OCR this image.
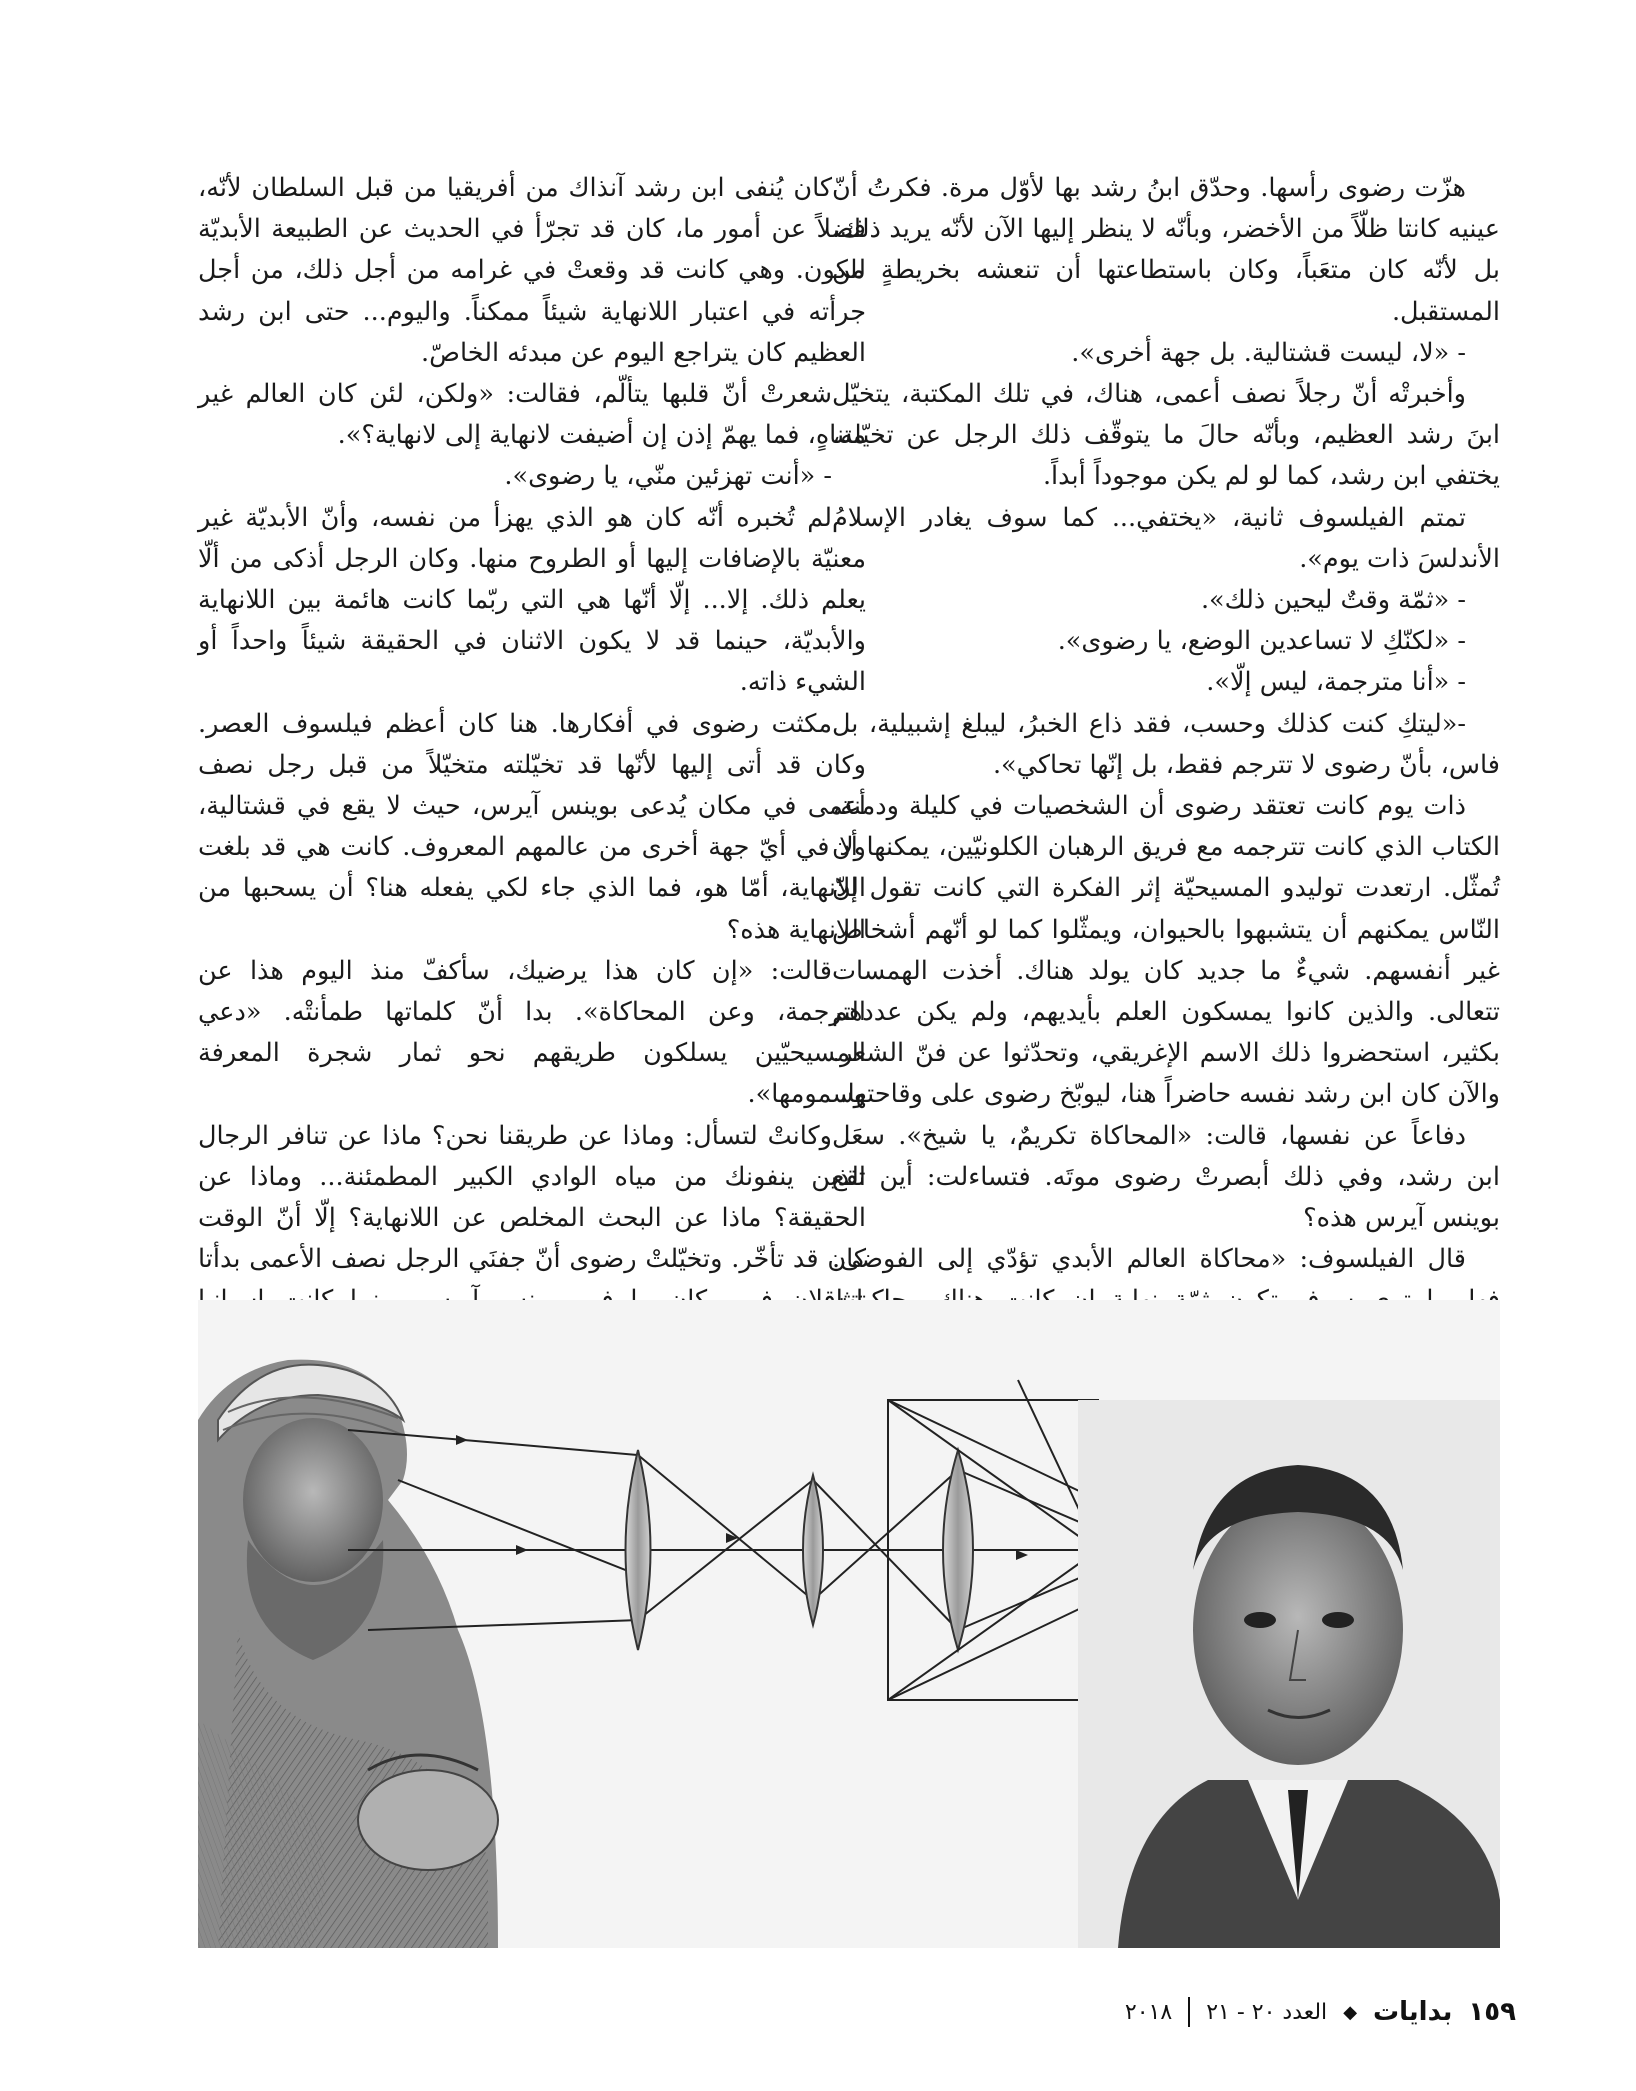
هزّت رضوى رأسها. وحدّق ابنُ رشد بها لأوّل مرة. فكرتُ أنّ عينيه كانتا ظلّاً من الأخضر، وبأنّه لا ينظر إليها الآن لأنّه يريد ذلك، بل لأنّه كان متعَباً، وكان باستطاعتها أن تنعشه بخريطةٍ من المستقبل.

- «لا، ليست قشتالية. بل جهة أخرى».

وأخبرتْه أنّ رجلاً نصف أعمى، هناك، في تلك المكتبة، يتخيّل ابنَ رشد العظيم، وبأنّه حالَ ما يتوقّف ذلك الرجل عن تخيّله، يختفي ابن رشد، كما لو لم يكن موجوداً أبداً.

تمتم الفيلسوف ثانية، «يختفي... كما سوف يغادر الإسلامُ الأندلسَ ذات يوم».

- «ثمّة وقتٌ ليحين ذلك».

- «لكنّكِ لا تساعدين الوضع، يا رضوى».

- «أنا مترجمة، ليس إلّا».

-«ليتكِ كنت كذلك وحسب، فقد ذاع الخبرُ، ليبلغ إشبيلية، بل فاس، بأنّ رضوى لا تترجم فقط، بل إنّها تحاكي».

ذات يوم كانت تعتقد رضوى أن الشخصيات في كليلة ودمنة، الكتاب الذي كانت تترجمه مع فريق الرهبان الكلونيّين، يمكنها أن تُمثّل. ارتعدت توليدو المسيحيّة إثر الفكرة التي كانت تقول إنّ النّاس يمكنهم أن يتشبهوا بالحيوان، ويمثّلوا كما لو أنّهم أشخاص غير أنفسهم. شيءٌ ما جديد كان يولد هناك. أخذت الهمسات تتعالى. والذين كانوا يمسكون العلم بأيديهم، ولم يكن عددهم بكثير، استحضروا ذلك الاسم الإغريقي، وتحدّثوا عن فنّ الشعر. والآن كان ابن رشد نفسه حاضراً هنا، ليوبّخ رضوى على وقاحتها.

دفاعاً عن نفسها، قالت: «المحاكاة تكريمٌ، يا شيخ». سعَل ابن رشد، وفي ذلك أبصرتْ رضوى موتَه. فتساءلت: أين تقع بوينس آيرس هذه؟

قال الفيلسوف: «محاكاة العالم الأبدي تؤدّي إلى الفوضى.

كان يُنفى ابن رشد آنذاك من أفريقيا من قبل السلطان لأنّه، فضلاً عن أمور ما، كان قد تجرّأ في الحديث عن الطبيعة الأبديّة للكون. وهي كانت قد وقعتْ في غرامه من أجل ذلك، من أجل جرأته في اعتبار اللانهاية شيئاً ممكناً. واليوم... حتى ابن رشد العظيم كان يتراجع اليوم عن مبدئه الخاصّ.

شعرتْ أنّ قلبها يتألّم، فقالت: «ولكن، لئن كان العالم غير متناهٍ، فما يهمّ إذن إن أضيفت لانهاية إلى لانهاية؟».

- «أنت تهزئين منّي، يا رضوى».

لم تُخبره أنّه كان هو الذي يهزأ من نفسه، وأنّ الأبديّة غير معنيّة بالإضافات إليها أو الطروح منها. وكان الرجل أذكى من ألّا يعلم ذلك. إلا... إلّا أنّها هي التي ربّما كانت هائمة بين اللانهاية والأبديّة، حينما قد لا يكون الاثنان في الحقيقة شيئاً واحداً أو الشيء ذاته.

مكثت رضوى في أفكارها. هنا كان أعظم فيلسوف العصر. وكان قد أتى إليها لأنّها قد تخيّلته متخيّلاً من قبل رجل نصف أعمى في مكان يُدعى بوينس آيرس، حيث لا يقع في قشتالية، ولا في أيّ جهة أخرى من عالمهم المعروف. كانت هي قد بلغت اللانهاية، أمّا هو، فما الذي جاء لكي يفعله هنا؟ أن يسحبها من اللانهاية هذه؟

قالت: «إن كان هذا يرضيك، سأكفّ منذ اليوم هذا عن الترجمة، وعن المحاكاة». بدا أنّ كلماتها طمأنتْه. «دعي المسيحيّين يسلكون طريقهم نحو ثمار شجرة المعرفة وسمومها».

وكانتْ لتسأل: وماذا عن طريقنا نحن؟ ماذا عن تنافر الرجال الذين ينفونك من مياه الوادي الكبير المطمئنة... وماذا عن الحقيقة؟ ماذا عن البحث المخلص عن اللانهاية؟ إلّا أنّ الوقت كان قد تأخّر. وتخيّلتْ رضوى أنّ جفنَي الرجل نصف الأعمى بدأتا

١٥٩
بدايات
◆
العدد ٢٠ - ٢١
٢٠١٨
